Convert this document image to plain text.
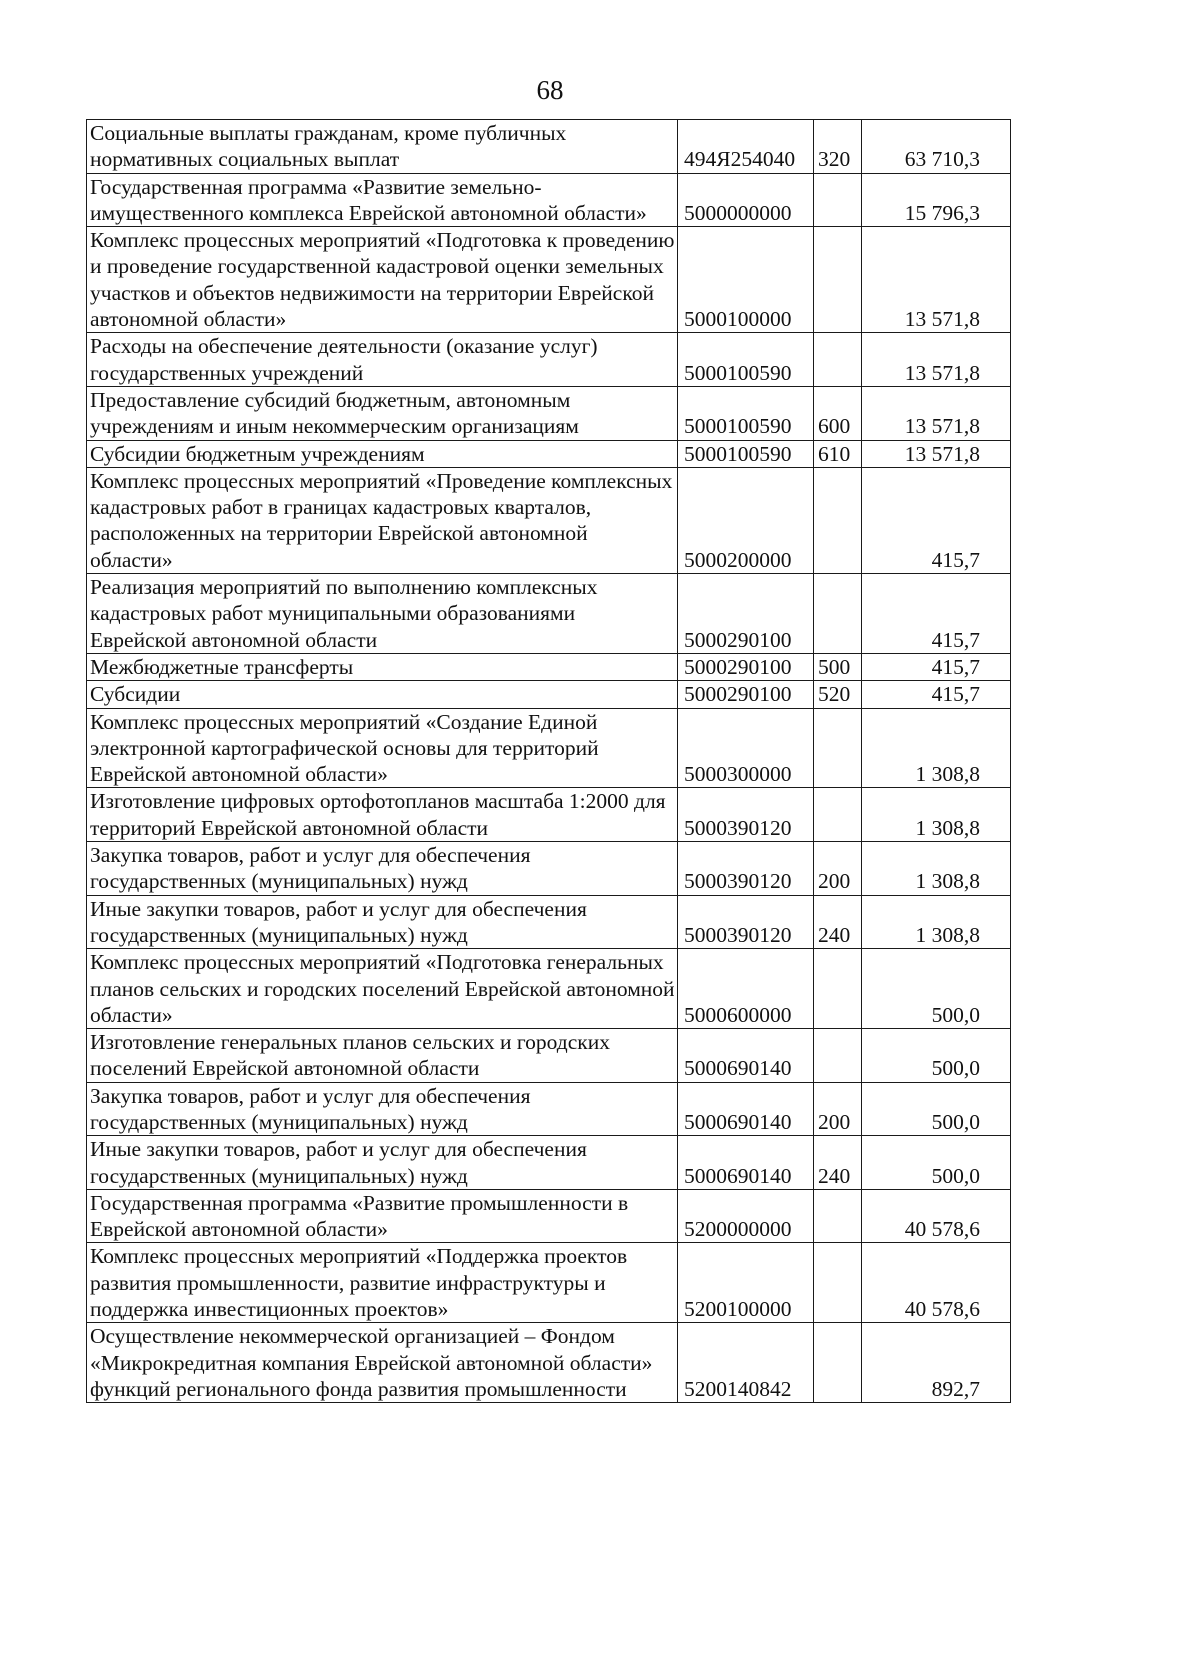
68
Социальные выплаты гражданам, кроме публичных нормативных социальных выплат	494Я254040	320	63 710,3
Государственная программа «Развитие земельно-имущественного комплекса Еврейской автономной области»	5000000000		15 796,3
Комплекс процессных мероприятий «Подготовка к проведению и проведение государственной кадастровой оценки земельных участков и объектов недвижимости на территории Еврейской автономной области»	5000100000		13 571,8
Расходы на обеспечение деятельности (оказание услуг) государственных учреждений	5000100590		13 571,8
Предоставление субсидий бюджетным, автономным учреждениям и иным некоммерческим организациям	5000100590	600	13 571,8
Субсидии бюджетным учреждениям	5000100590	610	13 571,8
Комплекс процессных мероприятий «Проведение комплексных кадастровых работ в границах кадастровых кварталов, расположенных на территории Еврейской автономной области»	5000200000		415,7
Реализация мероприятий по выполнению комплексных кадастровых работ муниципальными образованиями Еврейской автономной области	5000290100		415,7
Межбюджетные трансферты	5000290100	500	415,7
Субсидии	5000290100	520	415,7
Комплекс процессных мероприятий «Создание Единой электронной картографической основы для территорий Еврейской автономной области»	5000300000		1 308,8
Изготовление цифровых ортофотопланов масштаба 1:2000 для территорий Еврейской автономной области	5000390120		1 308,8
Закупка товаров, работ и услуг для обеспечения государственных (муниципальных) нужд	5000390120	200	1 308,8
Иные закупки товаров, работ и услуг для обеспечения государственных (муниципальных) нужд	5000390120	240	1 308,8
Комплекс процессных мероприятий «Подготовка генеральных планов сельских и городских поселений Еврейской автономной области»	5000600000		500,0
Изготовление генеральных планов сельских и городских поселений Еврейской автономной области	5000690140		500,0
Закупка товаров, работ и услуг для обеспечения государственных (муниципальных) нужд	5000690140	200	500,0
Иные закупки товаров, работ и услуг для обеспечения государственных (муниципальных) нужд	5000690140	240	500,0
Государственная программа «Развитие промышленности в Еврейской автономной области»	5200000000		40 578,6
Комплекс процессных мероприятий «Поддержка проектов развития промышленности, развитие инфраструктуры и поддержка инвестиционных проектов»	5200100000		40 578,6
Осуществление некоммерческой организацией – Фондом «Микрокредитная компания Еврейской автономной области» функций регионального фонда развития промышленности	5200140842		892,7
